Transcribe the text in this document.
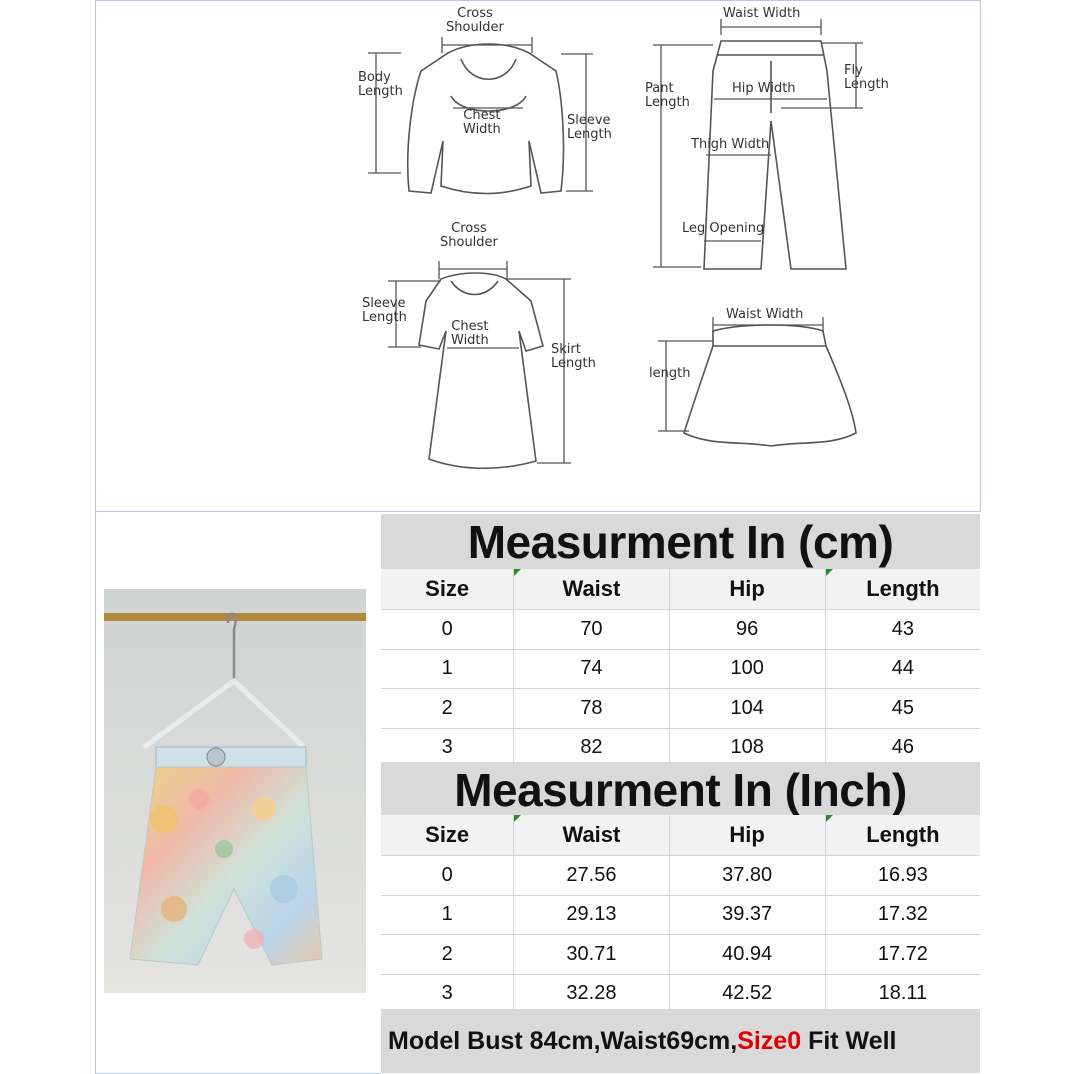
Cross
Shoulder
Body
Length
Chest
Width
Sleeve
Length
Waist Width
Pant
Length
Hip Width
Fly
Length
Thigh Width
Leg Opening
Cross
Shoulder
Sleeve
Length
Chest
Width
Skirt
Length
Waist Width
length
Measurment In (cm)
Size	Waist	Hip	Length
0	70	96	43
1	74	100	44
2	78	104	45
3	82	108	46
Measurment In (Inch)
Size	Waist	Hip	Length
0	27.56	37.80	16.93
1	29.13	39.37	17.32
2	30.71	40.94	17.72
3	32.28	42.52	18.11
Model Bust 84cm,Waist69cm, Size0 Fit Well
